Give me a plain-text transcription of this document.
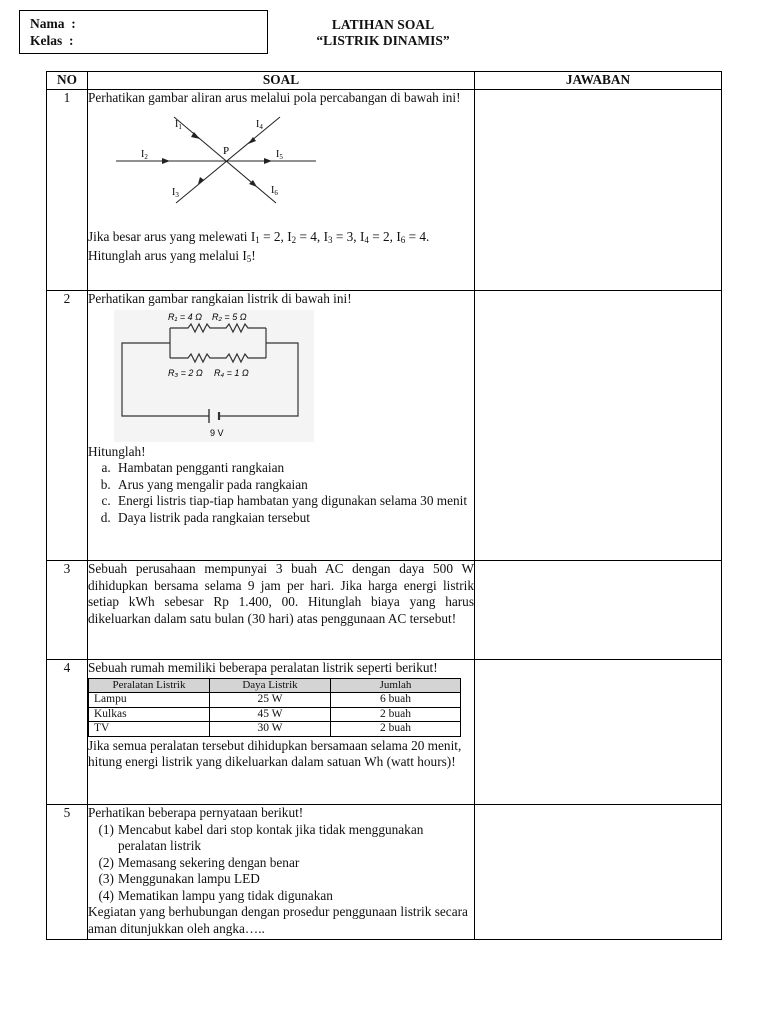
Nama  :
Kelas  :
LATIHAN SOAL
“LISTRIK DINAMIS”
NO	SOAL	JAWABAN
1	Perhatikan gambar aliran arus melalui pola percabangan di bawah ini!
P
$I_1$
$I_2$
$I_3$
$I_4$
$I_5$
$I_6$
Jika besar arus yang melewati $I_1 = 2$, $I_2 = 4$, $I_3 = 3$, $I_4 = 2$, $I_6 = 4$. Hitunglah arus yang melalui $I_5$!

2	Perhatikan gambar rangkaian listrik di bawah ini!
R₁ = 4 Ω R₂ = 5 Ω
R₃ = 2 Ω R₄ = 1 Ω
9 V
Hitunglah!
a. Hambatan pengganti rangkaian
b. Arus yang mengalir pada rangkaian
c. Energi listris tiap-tiap hambatan yang digunakan selama 30 menit
d. Daya listrik pada rangkaian tersebut

3	Sebuah perusahaan mempunyai 3 buah AC dengan daya 500 W dihidupkan bersama selama 9 jam per hari. Jika harga energi listrik setiap kWh sebesar Rp 1.400, 00. Hitunglah biaya yang harus dikeluarkan dalam satu bulan (30 hari) atas penggunaan AC tersebut!	
4	Sebuah rumah memiliki beberapa peralatan listrik seperti berikut!
Peralatan Listrik	Daya Listrik	Jumlah
Lampu	25 W	6 buah
Kulkas	45 W	2 buah
TV	30 W	2 buah
Jika semua peralatan tersebut dihidupkan bersamaan selama 20 menit, hitung energi listrik yang dikeluarkan dalam satuan Wh (watt hours)!

5	Perhatikan beberapa pernyataan berikut!
(1) Mencabut kabel dari stop kontak jika tidak menggunakan peralatan listrik
(2) Memasang sekering dengan benar
(3) Menggunakan lampu LED
(4) Mematikan lampu yang tidak digunakan
Kegiatan yang berhubungan dengan prosedur penggunaan listrik secara aman ditunjukkan oleh angka…..
